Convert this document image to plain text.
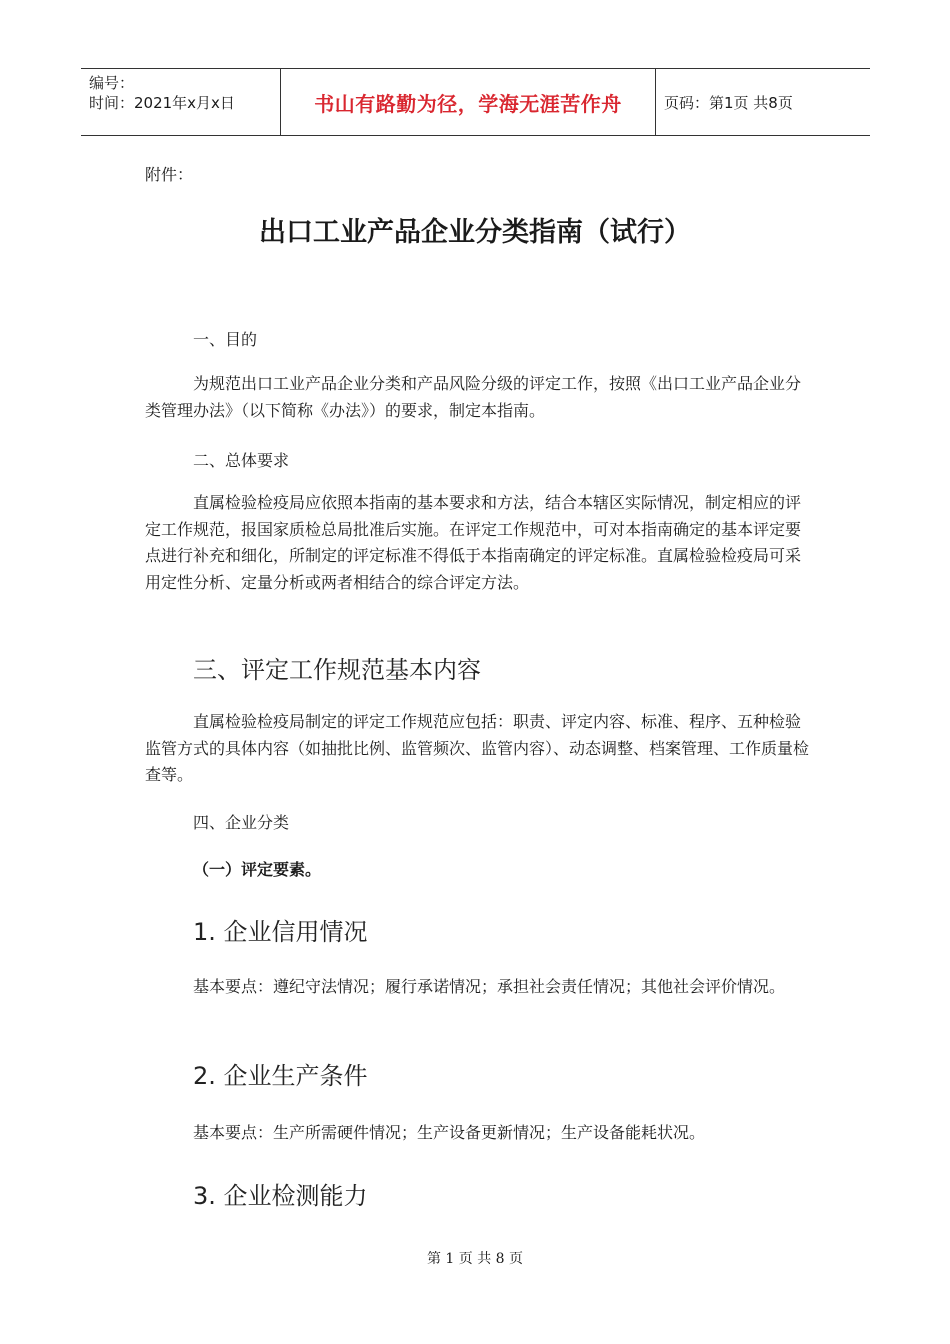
编号：
时间：2021年x月x日	书山有路勤为径，学海无涯苦作舟	页码：第1页 共8页
附件：
出口工业产品企业分类指南（试行）
一、目的
为规范出口工业产品企业分类和产品风险分级的评定工作，按照《出口工业产品企业分类管理办法》（以下简称《办法》）的要求，制定本指南。
二、总体要求
直属检验检疫局应依照本指南的基本要求和方法，结合本辖区实际情况，制定相应的评定工作规范，报国家质检总局批准后实施。在评定工作规范中，可对本指南确定的基本评定要点进行补充和细化，所制定的评定标准不得低于本指南确定的评定标准。直属检验检疫局可采用定性分析、定量分析或两者相结合的综合评定方法。
三、评定工作规范基本内容
直属检验检疫局制定的评定工作规范应包括：职责、评定内容、标准、程序、五种检验监管方式的具体内容（如抽批比例、监管频次、监管内容）、动态调整、档案管理、工作质量检查等。
四、企业分类
（一）评定要素。
1. 企业信用情况
基本要点：遵纪守法情况；履行承诺情况；承担社会责任情况；其他社会评价情况。
2. 企业生产条件
基本要点：生产所需硬件情况；生产设备更新情况；生产设备能耗状况。
3. 企业检测能力
第 1 页 共 8 页
